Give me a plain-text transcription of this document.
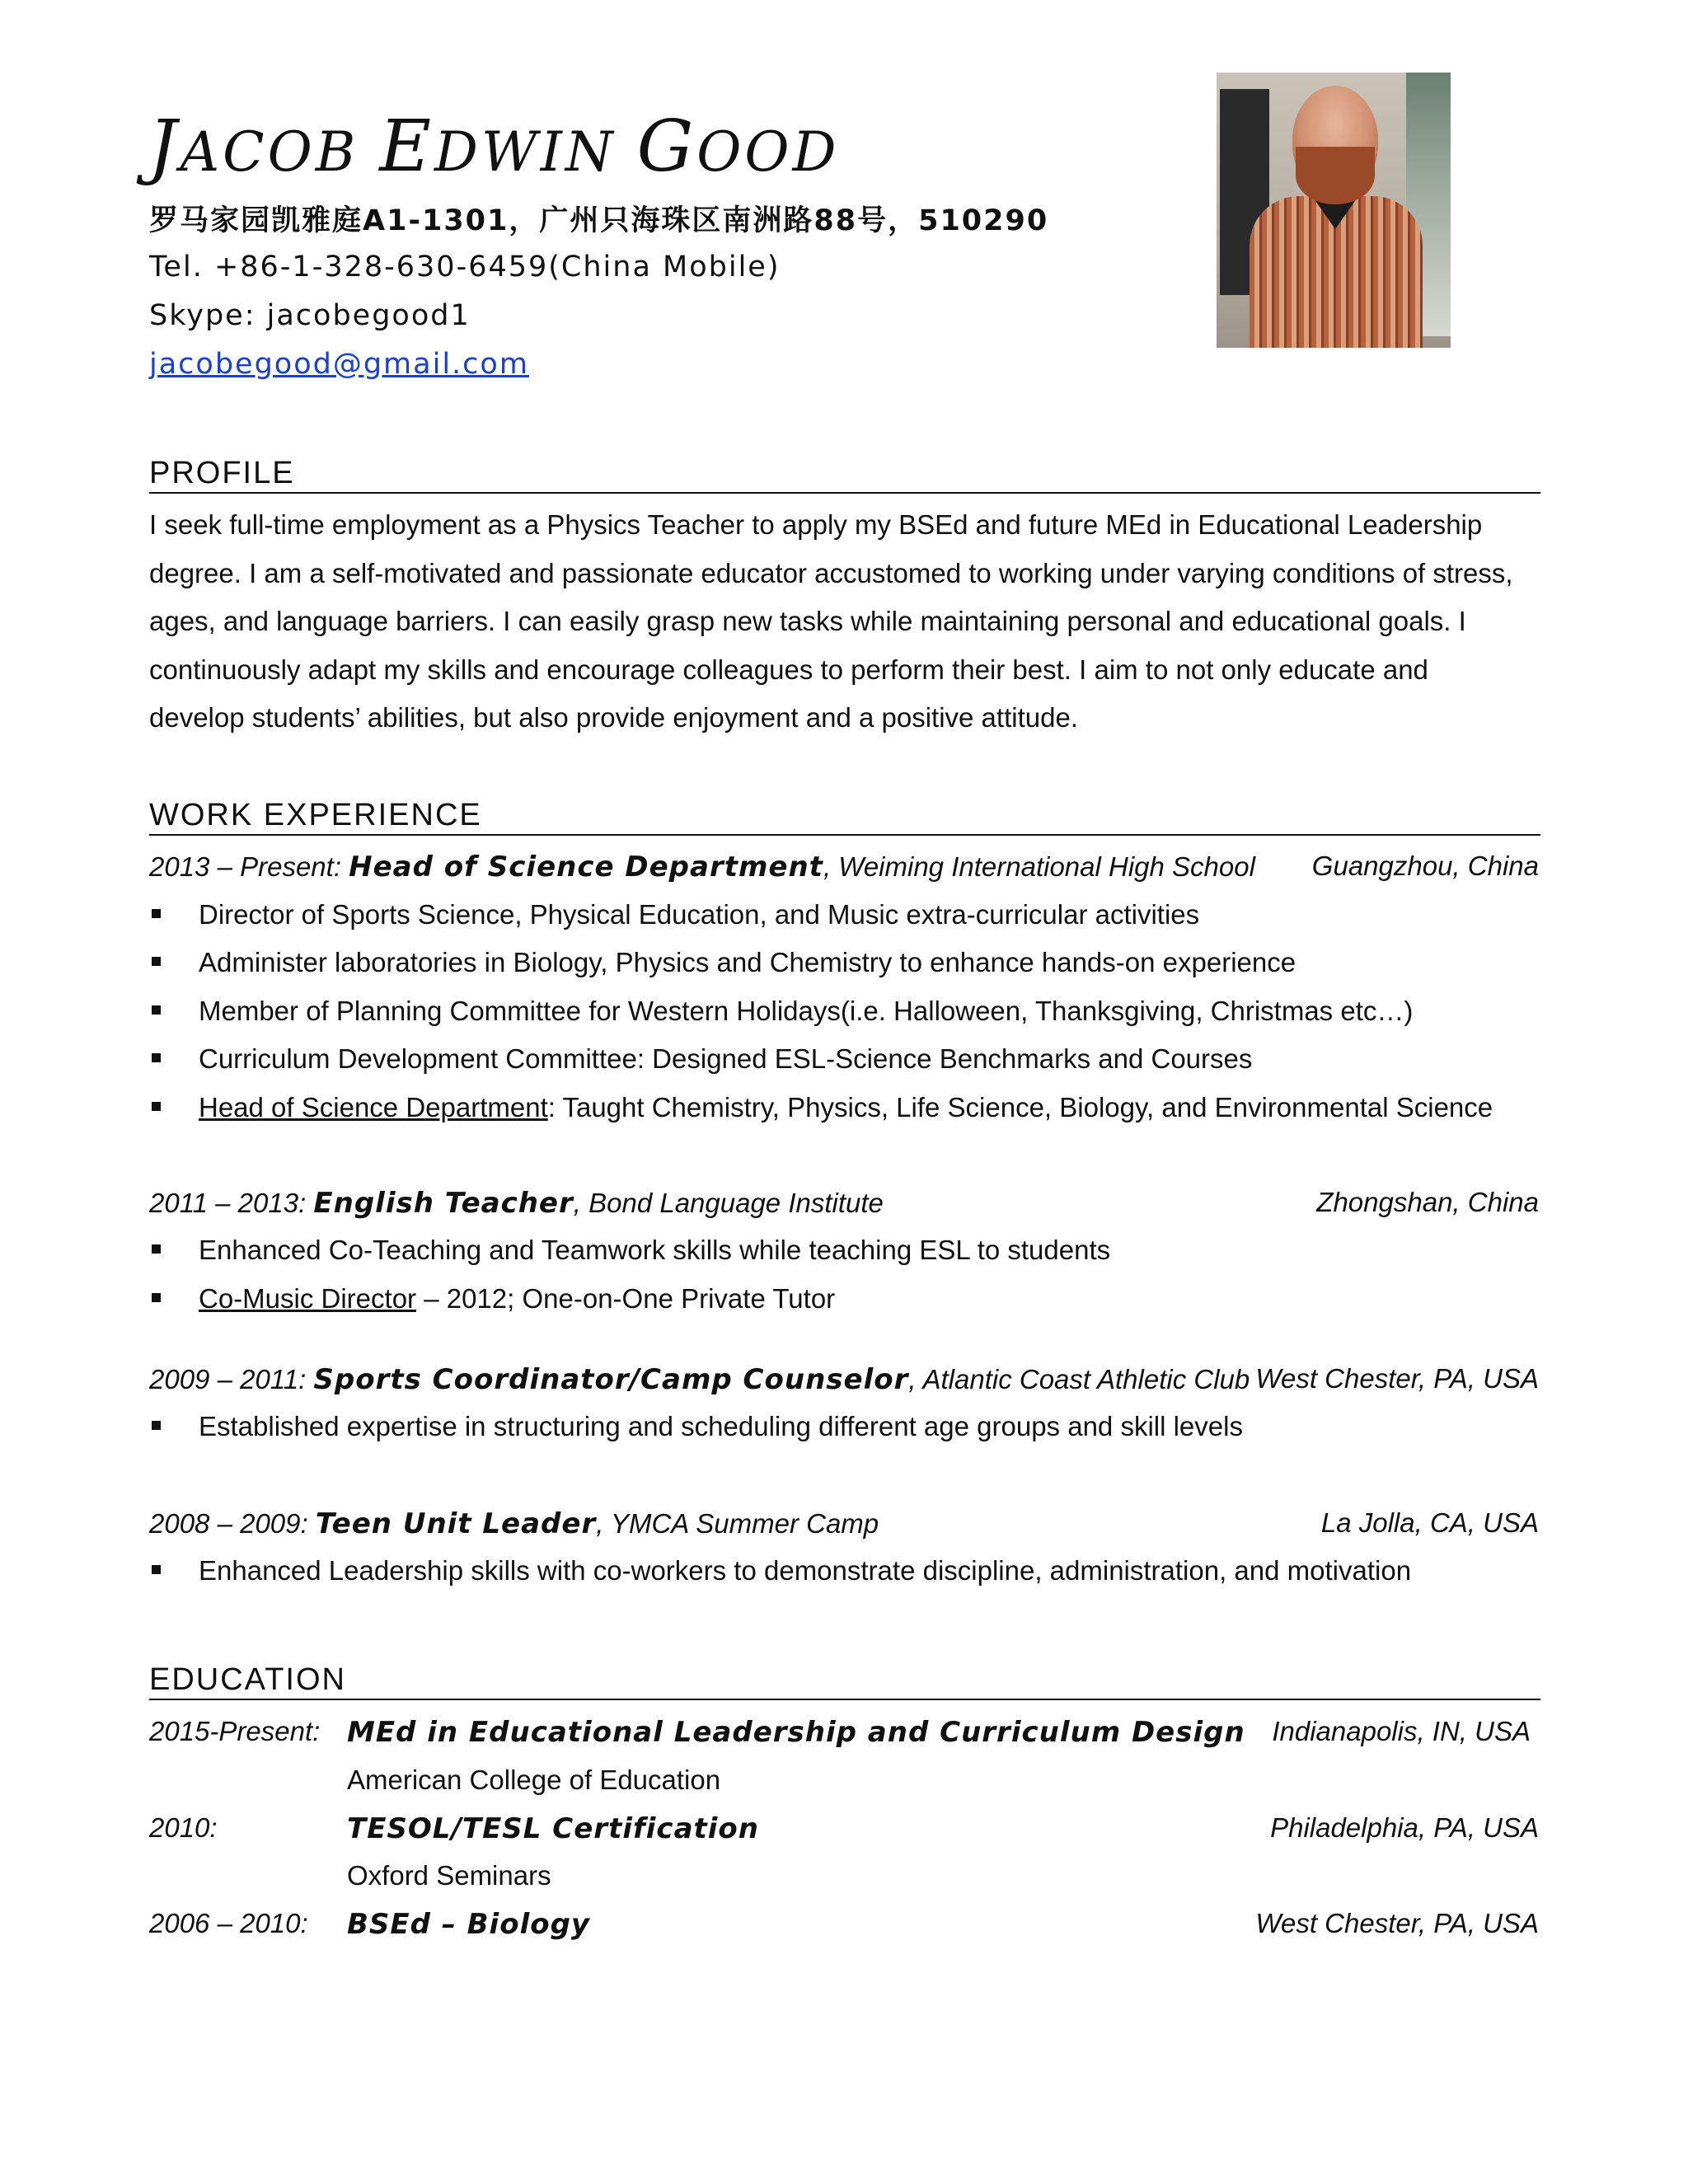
JACOB EDWIN GOOD
罗马家园凯雅庭A1-1301，广州只海珠区南洲路88号，510290
Tel. +86-1-328-630-6459(China Mobile)
Skype: jacobegood1
jacobegood@gmail.com
PROFILE
I seek full-time employment as a Physics Teacher to apply my BSEd and future MEd in Educational Leadership
degree. I am a self-motivated and passionate educator accustomed to working under varying conditions of stress,
ages, and language barriers. I can easily grasp new tasks while maintaining personal and educational goals. I
continuously adapt my skills and encourage colleagues to perform their best. I aim to not only educate and
develop students’ abilities, but also provide enjoyment and a positive attitude.
WORK EXPERIENCE
2013 – Present: Head of Science Department, Weiming International High School Guangzhou, China
Director of Sports Science, Physical Education, and Music extra-curricular activities
Administer laboratories in Biology, Physics and Chemistry to enhance hands-on experience
Member of Planning Committee for Western Holidays(i.e. Halloween, Thanksgiving, Christmas etc…)
Curriculum Development Committee: Designed ESL-Science Benchmarks and Courses
Head of Science Department: Taught Chemistry, Physics, Life Science, Biology, and Environmental Science
2011 – 2013: English Teacher, Bond Language Institute	Zhongshan, China
Enhanced Co-Teaching and Teamwork skills while teaching ESL to students
Co-Music Director – 2012; One-on-One Private Tutor
2009 – 2011: Sports Coordinator/Camp Counselor, Atlantic Coast Athletic Club West Chester, PA, USA
Established expertise in structuring and scheduling different age groups and skill levels
2008 – 2009: Teen Unit Leader, YMCA Summer Camp	La Jolla, CA, USA
Enhanced Leadership skills with co-workers to demonstrate discipline, administration, and motivation
EDUCATION
2015-Present: MEd in Educational Leadership and Curriculum Design Indianapolis, IN, USA
American College of Education
2010:	TESOL/TESL Certification	Philadelphia, PA, USA
Oxford Seminars
2006 – 2010: BSEd – Biology	West Chester, PA, USA
